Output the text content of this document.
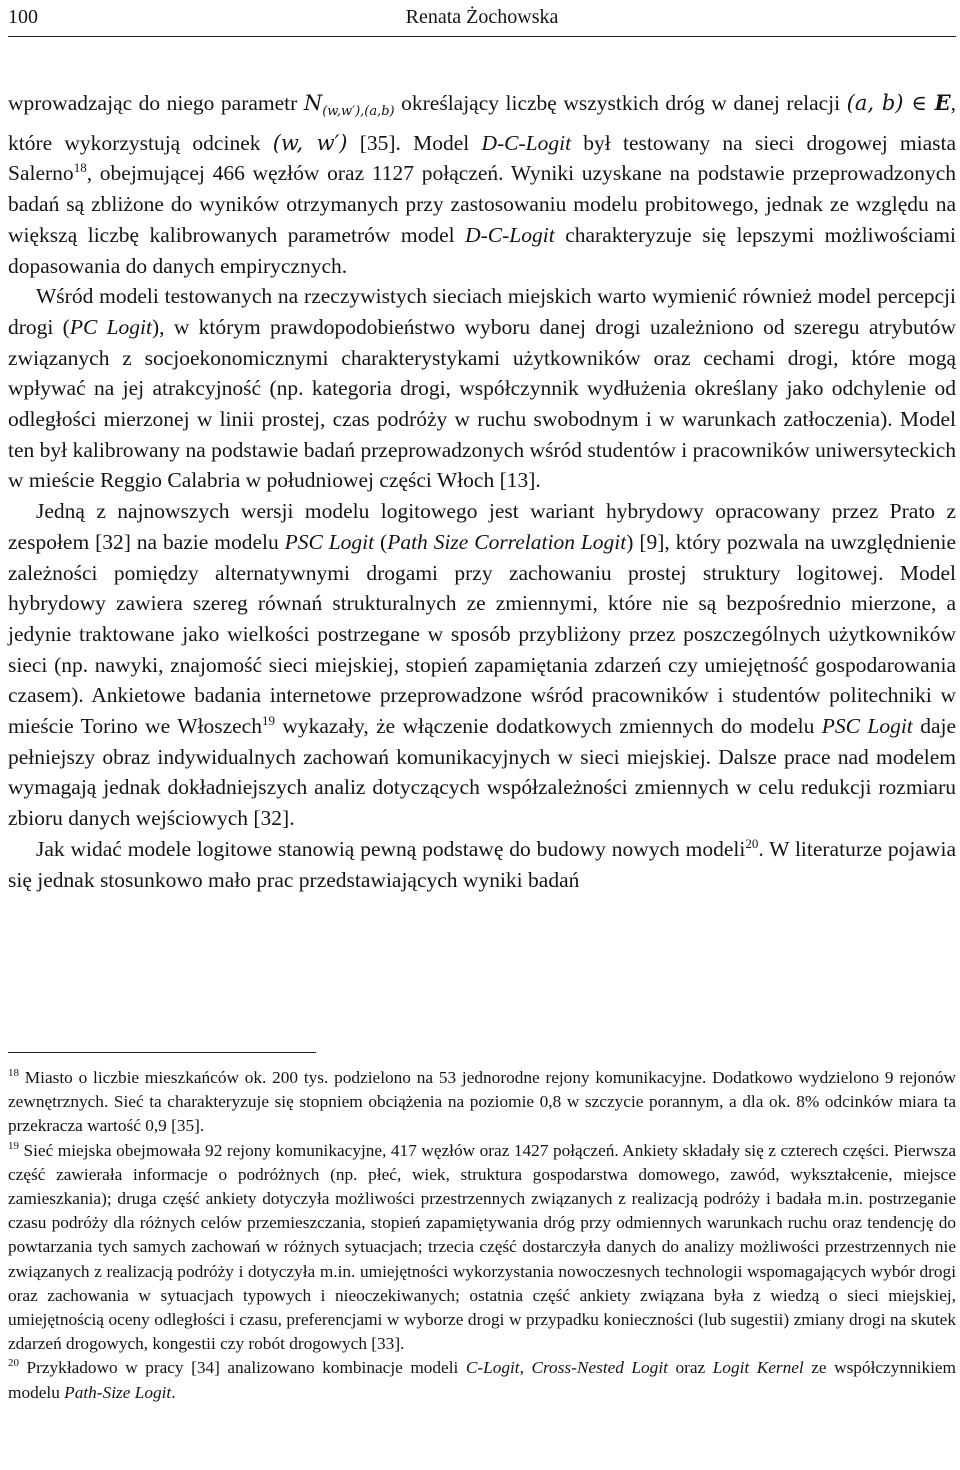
100	Renata Żochowska

wprowadzając do niego parametr $N_{(w,w'),(a,b)}$ określający liczbę wszystkich dróg w danej relacji (a, b) ∈ E, które wykorzystują odcinek (w, w′) [35]. Model D-C-Logit był testowany na sieci drogowej miasta Salerno$^{18}$, obejmującej 466 węzłów oraz 1127 połączeń. Wyniki uzyskane na podstawie przeprowadzonych badań są zbliżone do wyników otrzymanych przy zastosowaniu modelu probitowego, jednak ze względu na większą liczbę kalibrowanych parametrów model D-C-Logit charakteryzuje się lepszymi możliwościami dopasowania do danych empirycznych.

Wśród modeli testowanych na rzeczywistych sieciach miejskich warto wymienić również model percepcji drogi (PC Logit), w którym prawdopodobieństwo wyboru danej drogi uzależniono od szeregu atrybutów związanych z socjoekonomicznymi charakterystykami użytkowników oraz cechami drogi, które mogą wpływać na jej atrakcyjność (np. kategoria drogi, współczynnik wydłużenia określany jako odchylenie od odległości mierzonej w linii prostej, czas podróży w ruchu swobodnym i w warunkach zatłoczenia). Model ten był kalibrowany na podstawie badań przeprowadzonych wśród studentów i pracowników uniwersyteckich w mieście Reggio Calabria w południowej części Włoch [13].

Jedną z najnowszych wersji modelu logitowego jest wariant hybrydowy opracowany przez Prato z zespołem [32] na bazie modelu PSC Logit (Path Size Correlation Logit) [9], który pozwala na uwzględnienie zależności pomiędzy alternatywnymi drogami przy zachowaniu prostej struktury logitowej. Model hybrydowy zawiera szereg równań strukturalnych ze zmiennymi, które nie są bezpośrednio mierzone, a jedynie traktowane jako wielkości postrzegane w sposób przybliżony przez poszczególnych użytkowników sieci (np. nawyki, znajomość sieci miejskiej, stopień zapamiętania zdarzeń czy umiejętność gospodarowania czasem). Ankietowe badania internetowe przeprowadzone wśród pracowników i studentów politechniki w mieście Torino we Włoszech$^{19}$ wykazały, że włączenie dodatkowych zmiennych do modelu PSC Logit daje pełniejszy obraz indywidualnych zachowań komunikacyjnych w sieci miejskiej. Dalsze prace nad modelem wymagają jednak dokładniejszych analiz dotyczących współzależności zmiennych w celu redukcji rozmiaru zbioru danych wejściowych [32].

Jak widać modele logitowe stanowią pewną podstawę do budowy nowych modeli$^{20}$. W literaturze pojawia się jednak stosunkowo mało prac przedstawiających wyniki badań

$^{18}$ Miasto o liczbie mieszkańców ok. 200 tys. podzielono na 53 jednorodne rejony komunikacyjne. Dodatkowo wydzielono 9 rejonów zewnętrznych. Sieć ta charakteryzuje się stopniem obciążenia na poziomie 0,8 w szczycie porannym, a dla ok. 8% odcinków miara ta przekracza wartość 0,9 [35].

$^{19}$ Sieć miejska obejmowała 92 rejony komunikacyjne, 417 węzłów oraz 1427 połączeń. Ankiety składały się z czterech części. Pierwsza część zawierała informacje o podróżnych (np. płeć, wiek, struktura gospodarstwa domowego, zawód, wykształcenie, miejsce zamieszkania); druga część ankiety dotyczyła możliwości przestrzennych związanych z realizacją podróży i badała m.in. postrzeganie czasu podróży dla różnych celów przemieszczania, stopień zapamiętywania dróg przy odmiennych warunkach ruchu oraz tendencję do powtarzania tych samych zachowań w różnych sytuacjach; trzecia część dostarczyła danych do analizy możliwości przestrzennych nie związanych z realizacją podróży i dotyczyła m.in. umiejętności wykorzystania nowoczesnych technologii wspomagających wybór drogi oraz zachowania w sytuacjach typowych i nieoczekiwanych; ostatnia część ankiety związana była z wiedzą o sieci miejskiej, umiejętnością oceny odległości i czasu, preferencjami w wyborze drogi w przypadku konieczności (lub sugestii) zmiany drogi na skutek zdarzeń drogowych, kongestii czy robót drogowych [33].

$^{20}$ Przykładowo w pracy [34] analizowano kombinacje modeli C-Logit, Cross-Nested Logit oraz Logit Kernel ze współczynnikiem modelu Path-Size Logit.
